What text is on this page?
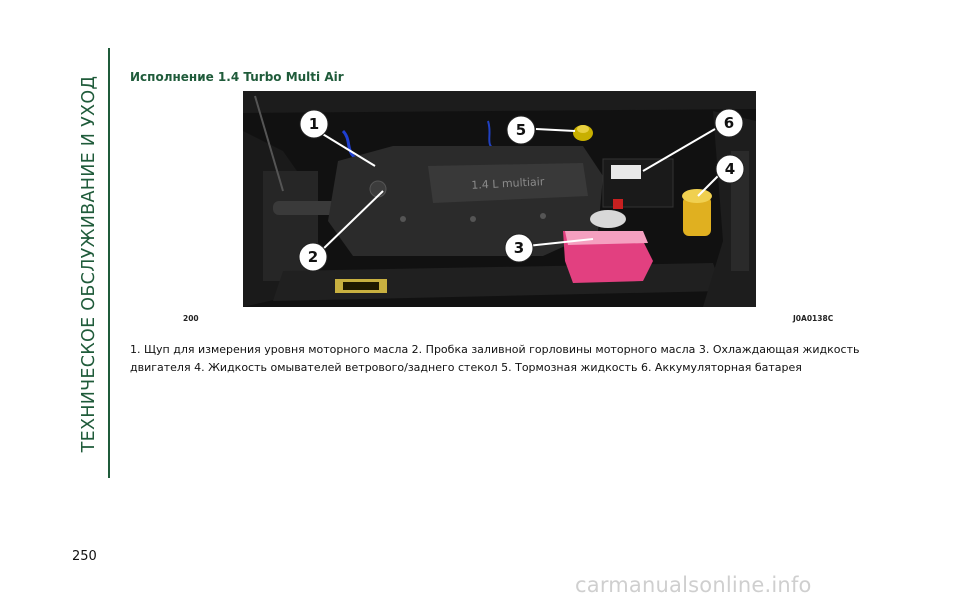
ТЕХНИЧЕСКОЕ ОБСЛУЖИВАНИЕ И УХОД	Исполнение 1.4 Turbo Multi Air
1.4 L multiair
1
2	3
4
5	6
200	J0A0138C
1. Щуп для измерения уровня моторного масла 2. Пробка заливной горловины моторного масла 3. Охлаждающая жидкость двигателя 4. Жидкость омывателей ветрового/заднего стекол 5. Тормозная жидкость 6. Аккумуляторная батарея
250
carmanualsonline.info
